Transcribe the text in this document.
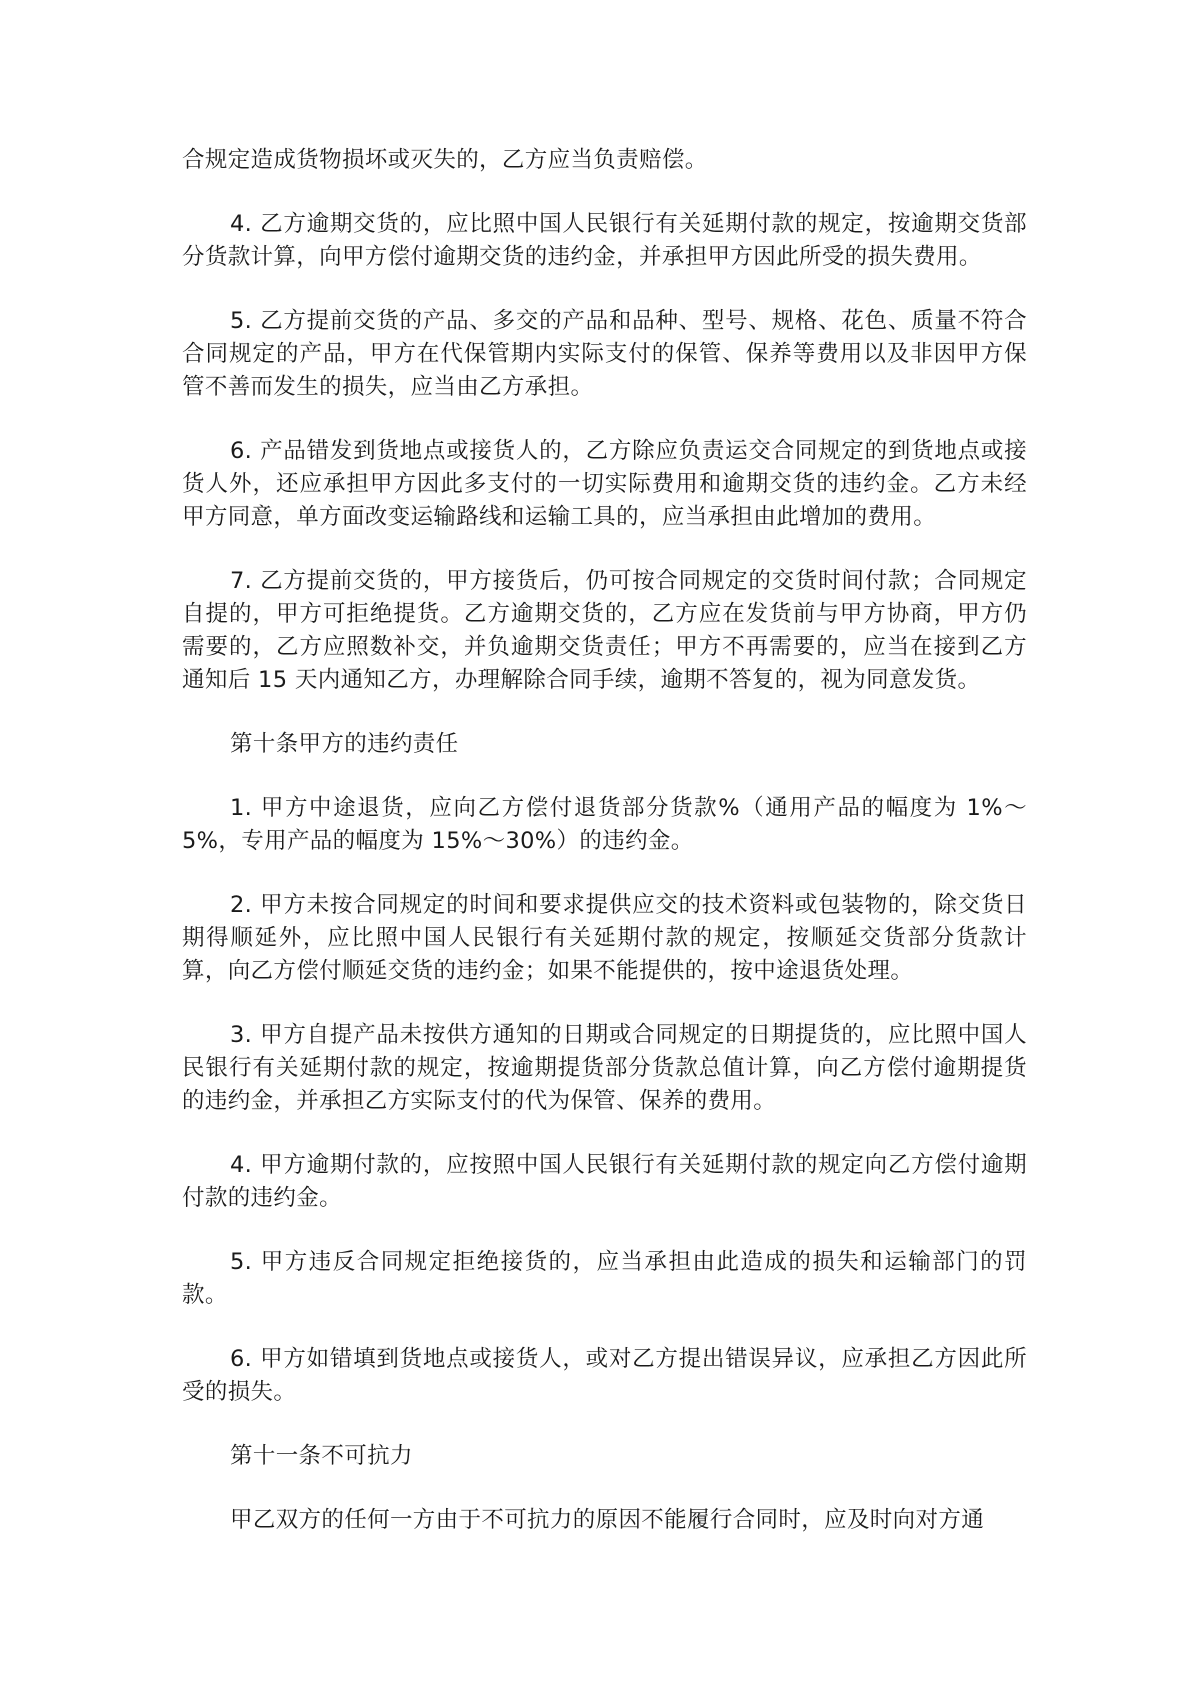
合规定造成货物损坏或灭失的，乙方应当负责赔偿。

4. 乙方逾期交货的，应比照中国人民银行有关延期付款的规定，按逾期交货部分货款计算，向甲方偿付逾期交货的违约金，并承担甲方因此所受的损失费用。

5. 乙方提前交货的产品、多交的产品和品种、型号、规格、花色、质量不符合合同规定的产品，甲方在代保管期内实际支付的保管、保养等费用以及非因甲方保管不善而发生的损失，应当由乙方承担。

6. 产品错发到货地点或接货人的，乙方除应负责运交合同规定的到货地点或接货人外，还应承担甲方因此多支付的一切实际费用和逾期交货的违约金。乙方未经甲方同意，单方面改变运输路线和运输工具的，应当承担由此增加的费用。

7. 乙方提前交货的，甲方接货后，仍可按合同规定的交货时间付款；合同规定自提的，甲方可拒绝提货。乙方逾期交货的，乙方应在发货前与甲方协商，甲方仍需要的，乙方应照数补交，并负逾期交货责任；甲方不再需要的，应当在接到乙方通知后 15 天内通知乙方，办理解除合同手续，逾期不答复的，视为同意发货。

第十条甲方的违约责任

1. 甲方中途退货，应向乙方偿付退货部分货款%（通用产品的幅度为 1%～5%，专用产品的幅度为 15%～30%）的违约金。

2. 甲方未按合同规定的时间和要求提供应交的技术资料或包装物的，除交货日期得顺延外，应比照中国人民银行有关延期付款的规定，按顺延交货部分货款计算，向乙方偿付顺延交货的违约金；如果不能提供的，按中途退货处理。

3. 甲方自提产品未按供方通知的日期或合同规定的日期提货的，应比照中国人民银行有关延期付款的规定，按逾期提货部分货款总值计算，向乙方偿付逾期提货的违约金，并承担乙方实际支付的代为保管、保养的费用。

4. 甲方逾期付款的，应按照中国人民银行有关延期付款的规定向乙方偿付逾期付款的违约金。

5. 甲方违反合同规定拒绝接货的，应当承担由此造成的损失和运输部门的罚款。

6. 甲方如错填到货地点或接货人，或对乙方提出错误异议，应承担乙方因此所受的损失。

第十一条不可抗力

甲乙双方的任何一方由于不可抗力的原因不能履行合同时，应及时向对方通
